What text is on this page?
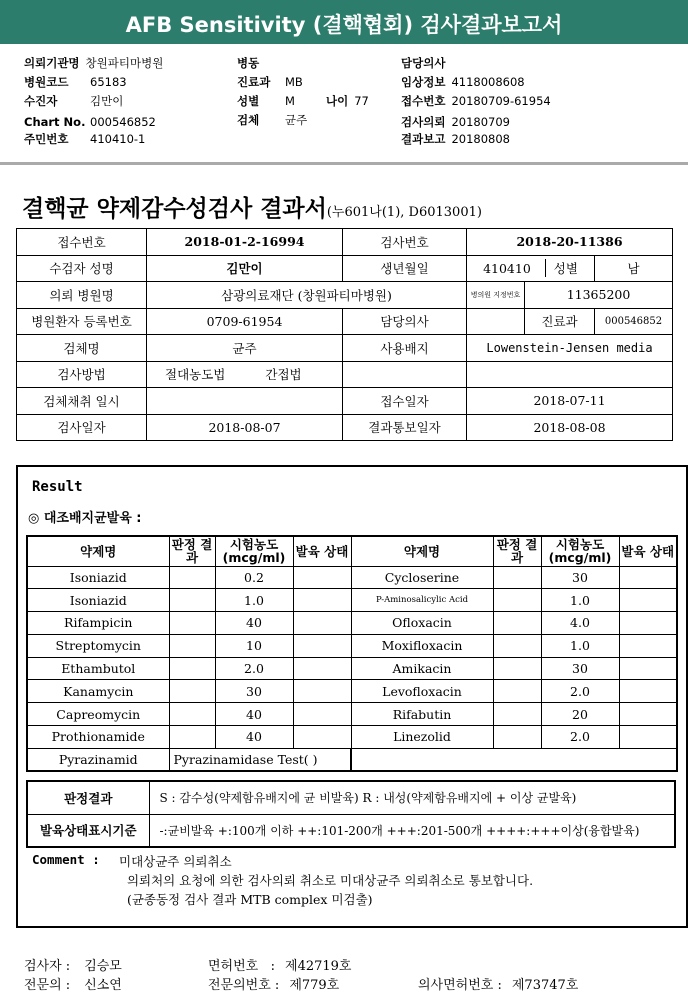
AFB Sensitivity (결핵협회) 검사결과보고서
의뢰기관명 창원파티마병원
병원코드 65183
수진자	김만이
Chart No. 000546852
주민번호 410410-1
병동
진료과 MB
성별 M	나이 77
검체 균주
담당의사
임상정보 4118008608
접수번호 20180709-61954
검사의뢰 20180709
결과보고 20180808
결핵균 약제감수성검사 결과서(누601나(1), D6013001)
접수번호	2018-01-2-16994	검사번호	2018-20-11386		
수검자 성명	김만이	생년월일	410410 성별		남
의뢰 병원명	삼광의료재단 (창원파티마병원)		병의원 지정번호	11365200	
병원환자 등록번호	0709-61954	담당의사		진료과	000546852
검체명	균주	사용배지	Lowenstein-Jensen media		
검사방법	절대농도법 간접법				
검체채취 일시		접수일자	2018-07-11		
검사일자	2018-08-07	결과통보일자	2018-08-08		
Result
◎ 대조배지균발육 :
약제명	판정 결과	시험농도 (mcg/ml)	발육 상태	약제명	판정 결과	시험농도 (mcg/ml)	발육 상태
Isoniazid		0.2		Cycloserine		30	
Isoniazid		1.0		P-Aminosalicylic Acid		1.0	
Rifampicin		40		Ofloxacin		4.0	
Streptomycin		10		Moxifloxacin		1.0	
Ethambutol		2.0		Amikacin		30	
Kanamycin		30		Levofloxacin		2.0	
Capreomycin		40		Rifabutin		20	
Prothionamide		40		Linezolid		2.0	
Pyrazinamid	Pyrazinamidase Test( )						
판정결과	S : 감수성(약제함유배지에 균 비발육) R : 내성(약제함유배지에 + 이상 균발육)
발육상태표시기준	-:균비발육 +:100개 이하 ++:101-200개 +++:201-500개 ++++:+++이상(융합발육)
Comment : 미대상균주 의뢰취소
의뢰처의 요청에 의한 검사의뢰 취소로 미대상균주 의뢰취소로 통보합니다.
(균종동정 검사 결과 MTB complex 미검출)
검사자 : 김승모	면허번호   : 제42719호
전문의 : 신소연	전문의번호 : 제779호	의사면허번호 : 제73747호
